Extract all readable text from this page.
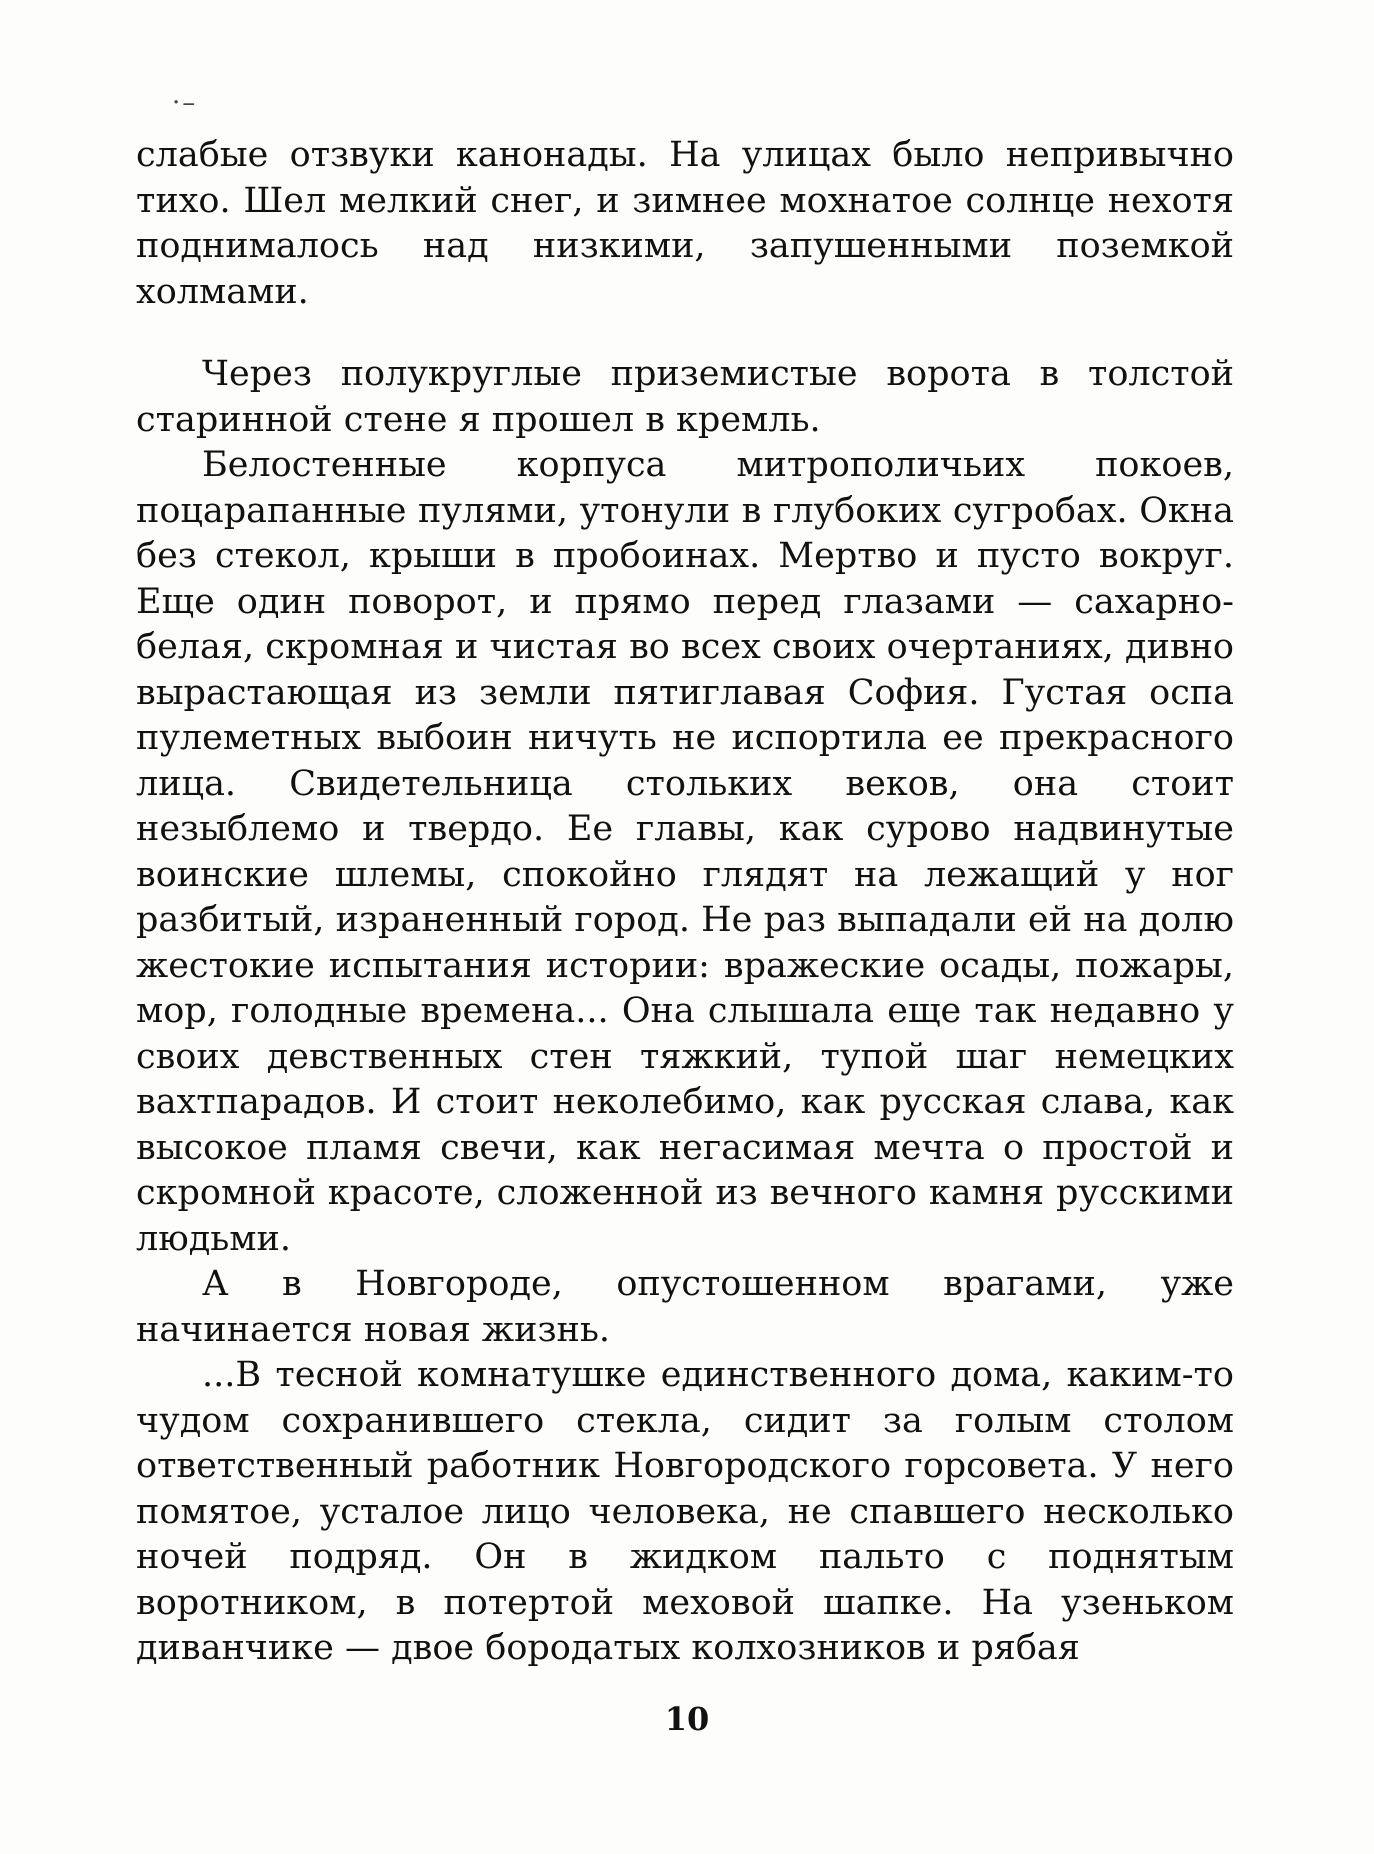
·–

слабые отзвуки канонады. На улицах было непривычно тихо. Шел мелкий снег, и зимнее мохнатое солнце нехотя поднималось над низкими, запушенными поземкой холмами.

Через полукруглые приземистые ворота в толстой старинной стене я прошел в кремль.

Белостенные корпуса митрополичьих покоев, поцарапанные пулями, утонули в глубоких сугробах. Окна без стекол, крыши в пробоинах. Мертво и пусто вокруг. Еще один поворот, и прямо перед глазами — сахарно-белая, скромная и чистая во всех своих очертаниях, дивно вырастающая из земли пятиглавая София. Густая оспа пулеметных выбоин ничуть не испортила ее прекрасного лица. Свидетельница стольких веков, она стоит незыблемо и твердо. Ее главы, как сурово надвинутые воинские шлемы, спокойно глядят на лежащий у ног разбитый, израненный город. Не раз выпадали ей на долю жестокие испытания истории: вражеские осады, пожары, мор, голодные времена... Она слышала еще так недавно у своих девственных стен тяжкий, тупой шаг немецких вахтпарадов. И стоит неколебимо, как русская слава, как высокое пламя свечи, как негасимая мечта о простой и скромной красоте, сложенной из вечного камня русскими людьми.

А в Новгороде, опустошенном врагами, уже начинается новая жизнь.

...В тесной комнатушке единственного дома, каким-то чудом сохранившего стекла, сидит за голым столом ответственный работник Новгородского горсовета. У него помятое, усталое лицо человека, не спавшего несколько ночей подряд. Он в жидком пальто с поднятым воротником, в потертой меховой шапке. На узеньком диванчике — двое бородатых колхозников и рябая

10
